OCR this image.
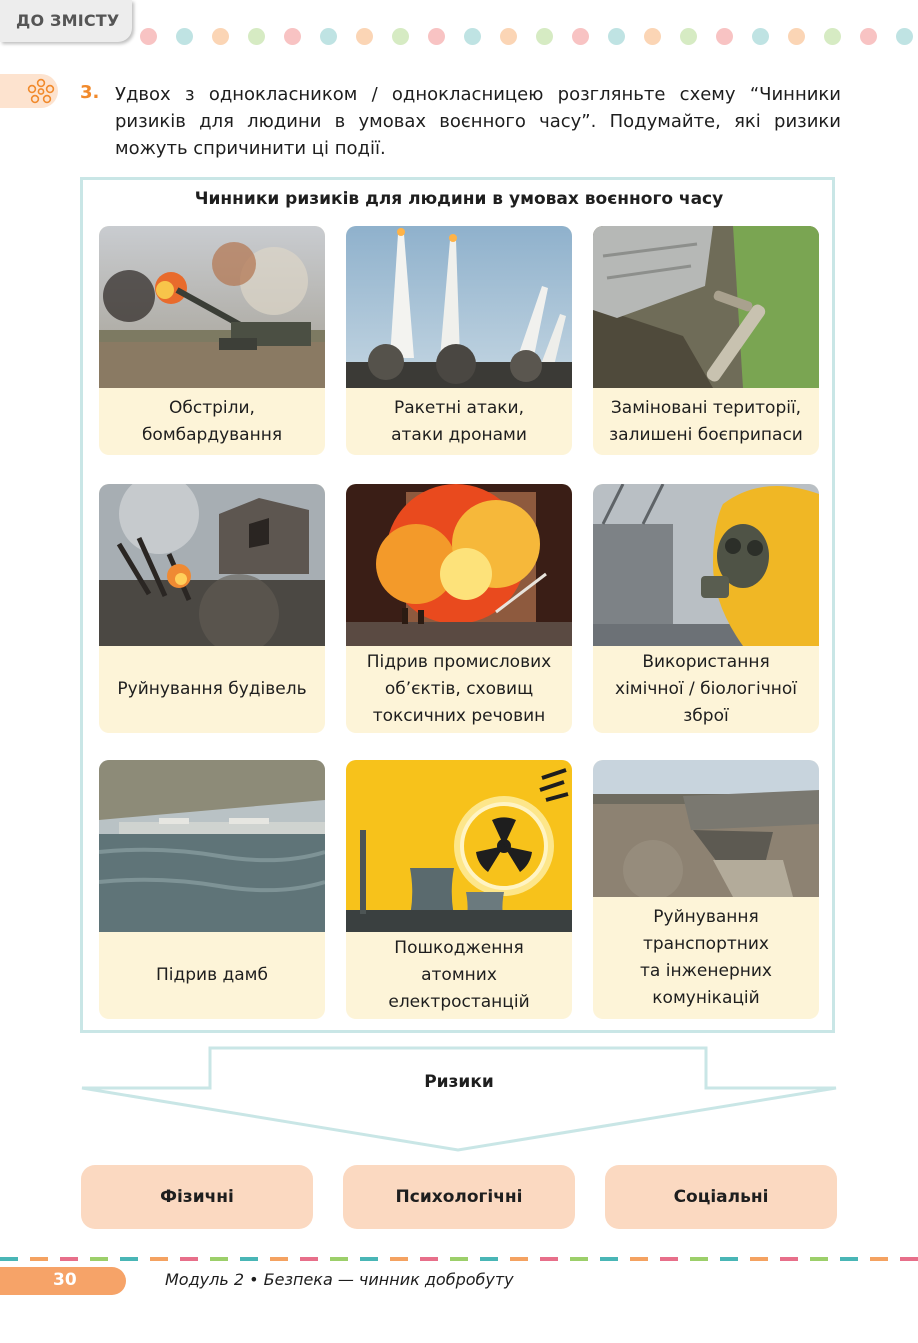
ДО ЗМІСТУ
3. Удвох з однокласником / однокласницею розгляньте схему “Чинники ризиків для людини в умовах воєнного часу”. Подумайте, які ризики можуть спричинити ці події.
Чинники ризиків для людини в умовах воєнного часу
Обстріли,
бомбардування
Ракетні атаки,
атаки дронами
Заміновані території,
залишені боєприпаси
Руйнування будівель
Підрив промислових
об’єктів, сховищ
токсичних речовин
Використання
хімічної / біологічної
зброї
Підрив дамб
Пошкодження
атомних
електростанцій
Руйнування
транспортних
та інженерних
комунікацій
Ризики
Фізичні	Психологічні	Соціальні
30	Модуль 2 • Безпека — чинник добробуту
